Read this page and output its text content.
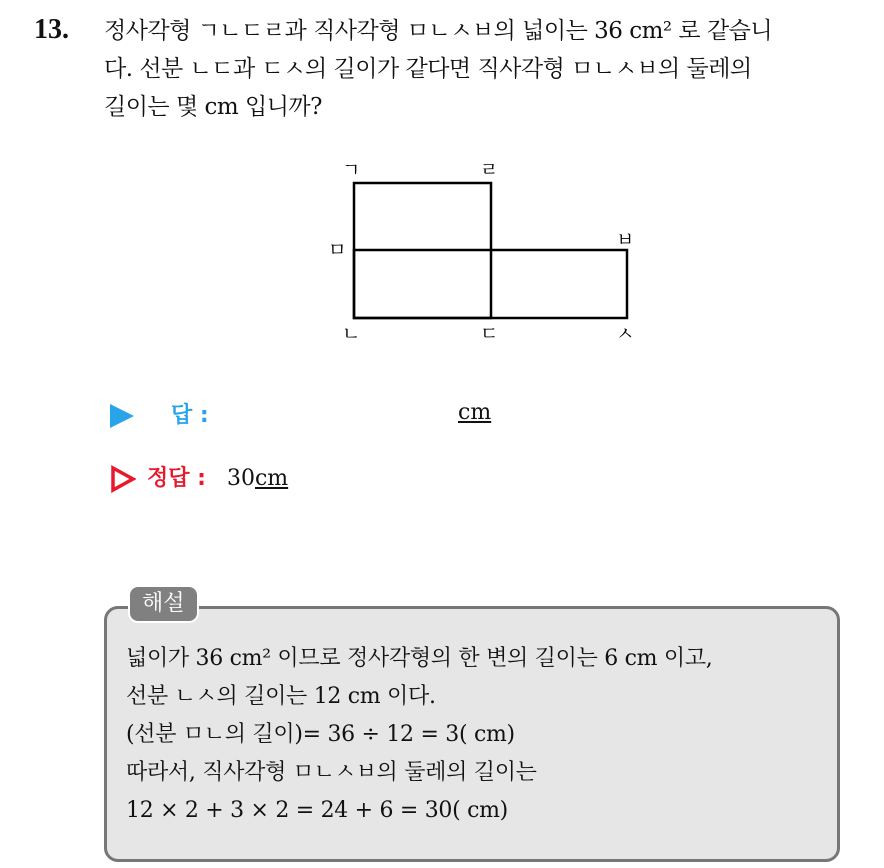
13. 정사각형 ㄱㄴㄷㄹ과 직사각형 ㅁㄴㅅㅂ의 넓이는 36 cm² 로 같습니
다. 선분 ㄴㄷ과 ㄷㅅ의 길이가 같다면 직사각형 ㅁㄴㅅㅂ의 둘레의
길이는 몇 cm 입니까?
ㄱ	ㄹ
ㅁ	ㅂ
ㄴ	ㄷ	ㅅ
답 :	cm
정답 : 30cm
해설
넓이가 36 cm² 이므로 정사각형의 한 변의 길이는 6 cm 이고,
선분 ㄴㅅ의 길이는 12 cm 이다.
(선분 ㅁㄴ의 길이)= 36 ÷ 12 = 3( cm)
따라서, 직사각형 ㅁㄴㅅㅂ의 둘레의 길이는
12 × 2 + 3 × 2 = 24 + 6 = 30( cm)
